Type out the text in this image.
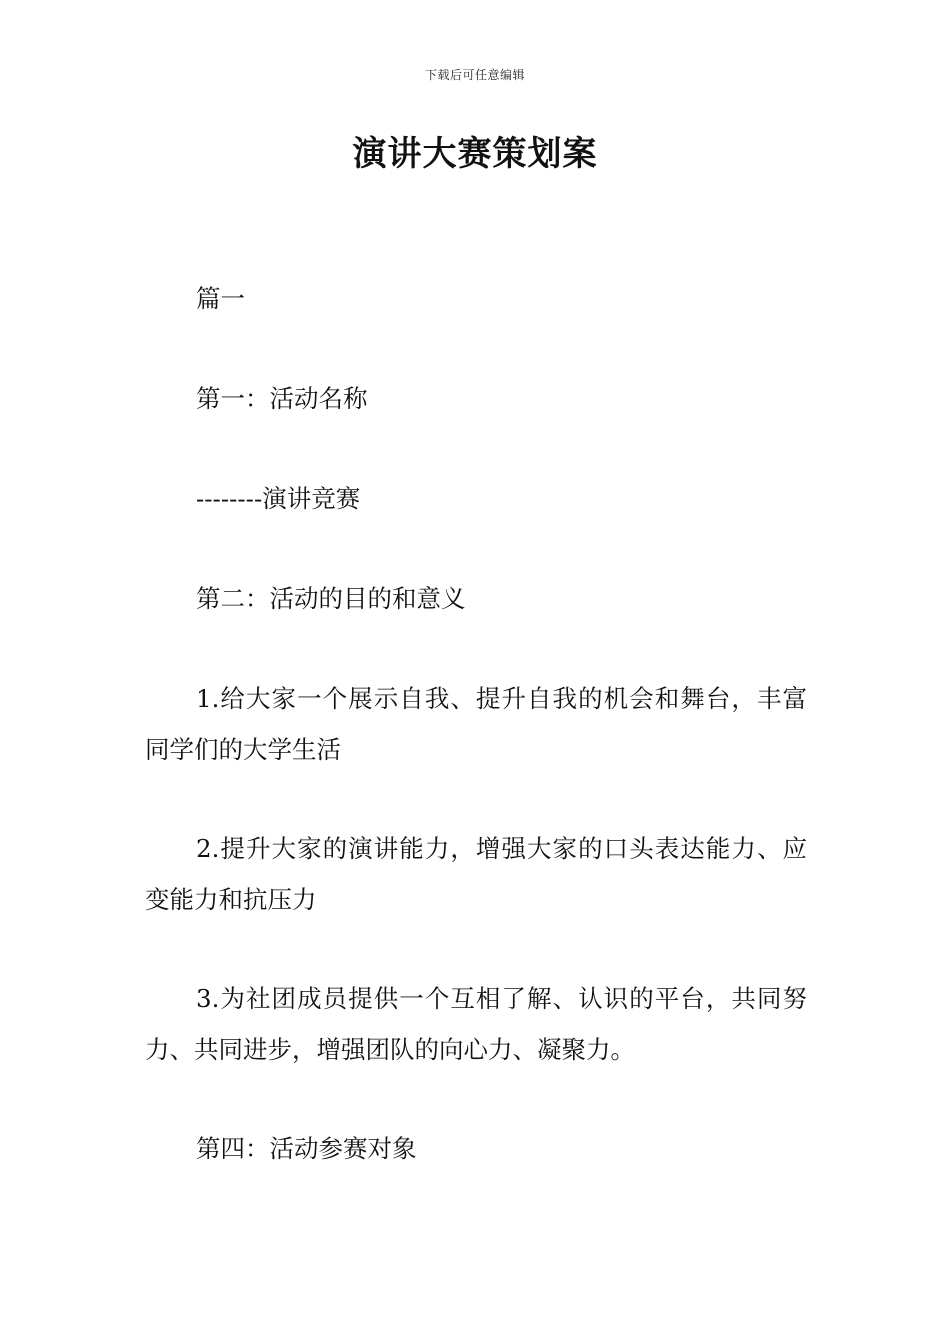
下载后可任意编辑
演讲大赛策划案

篇一

第一：活动名称

--------演讲竞赛

第二：活动的目的和意义

1.给大家一个展示自我、提升自我的机会和舞台，丰富同学们的大学生活

2.提升大家的演讲能力，增强大家的口头表达能力、应变能力和抗压力

3.为社团成员提供一个互相了解、认识的平台，共同努力、共同进步，增强团队的向心力、凝聚力。

第四：活动参赛对象
